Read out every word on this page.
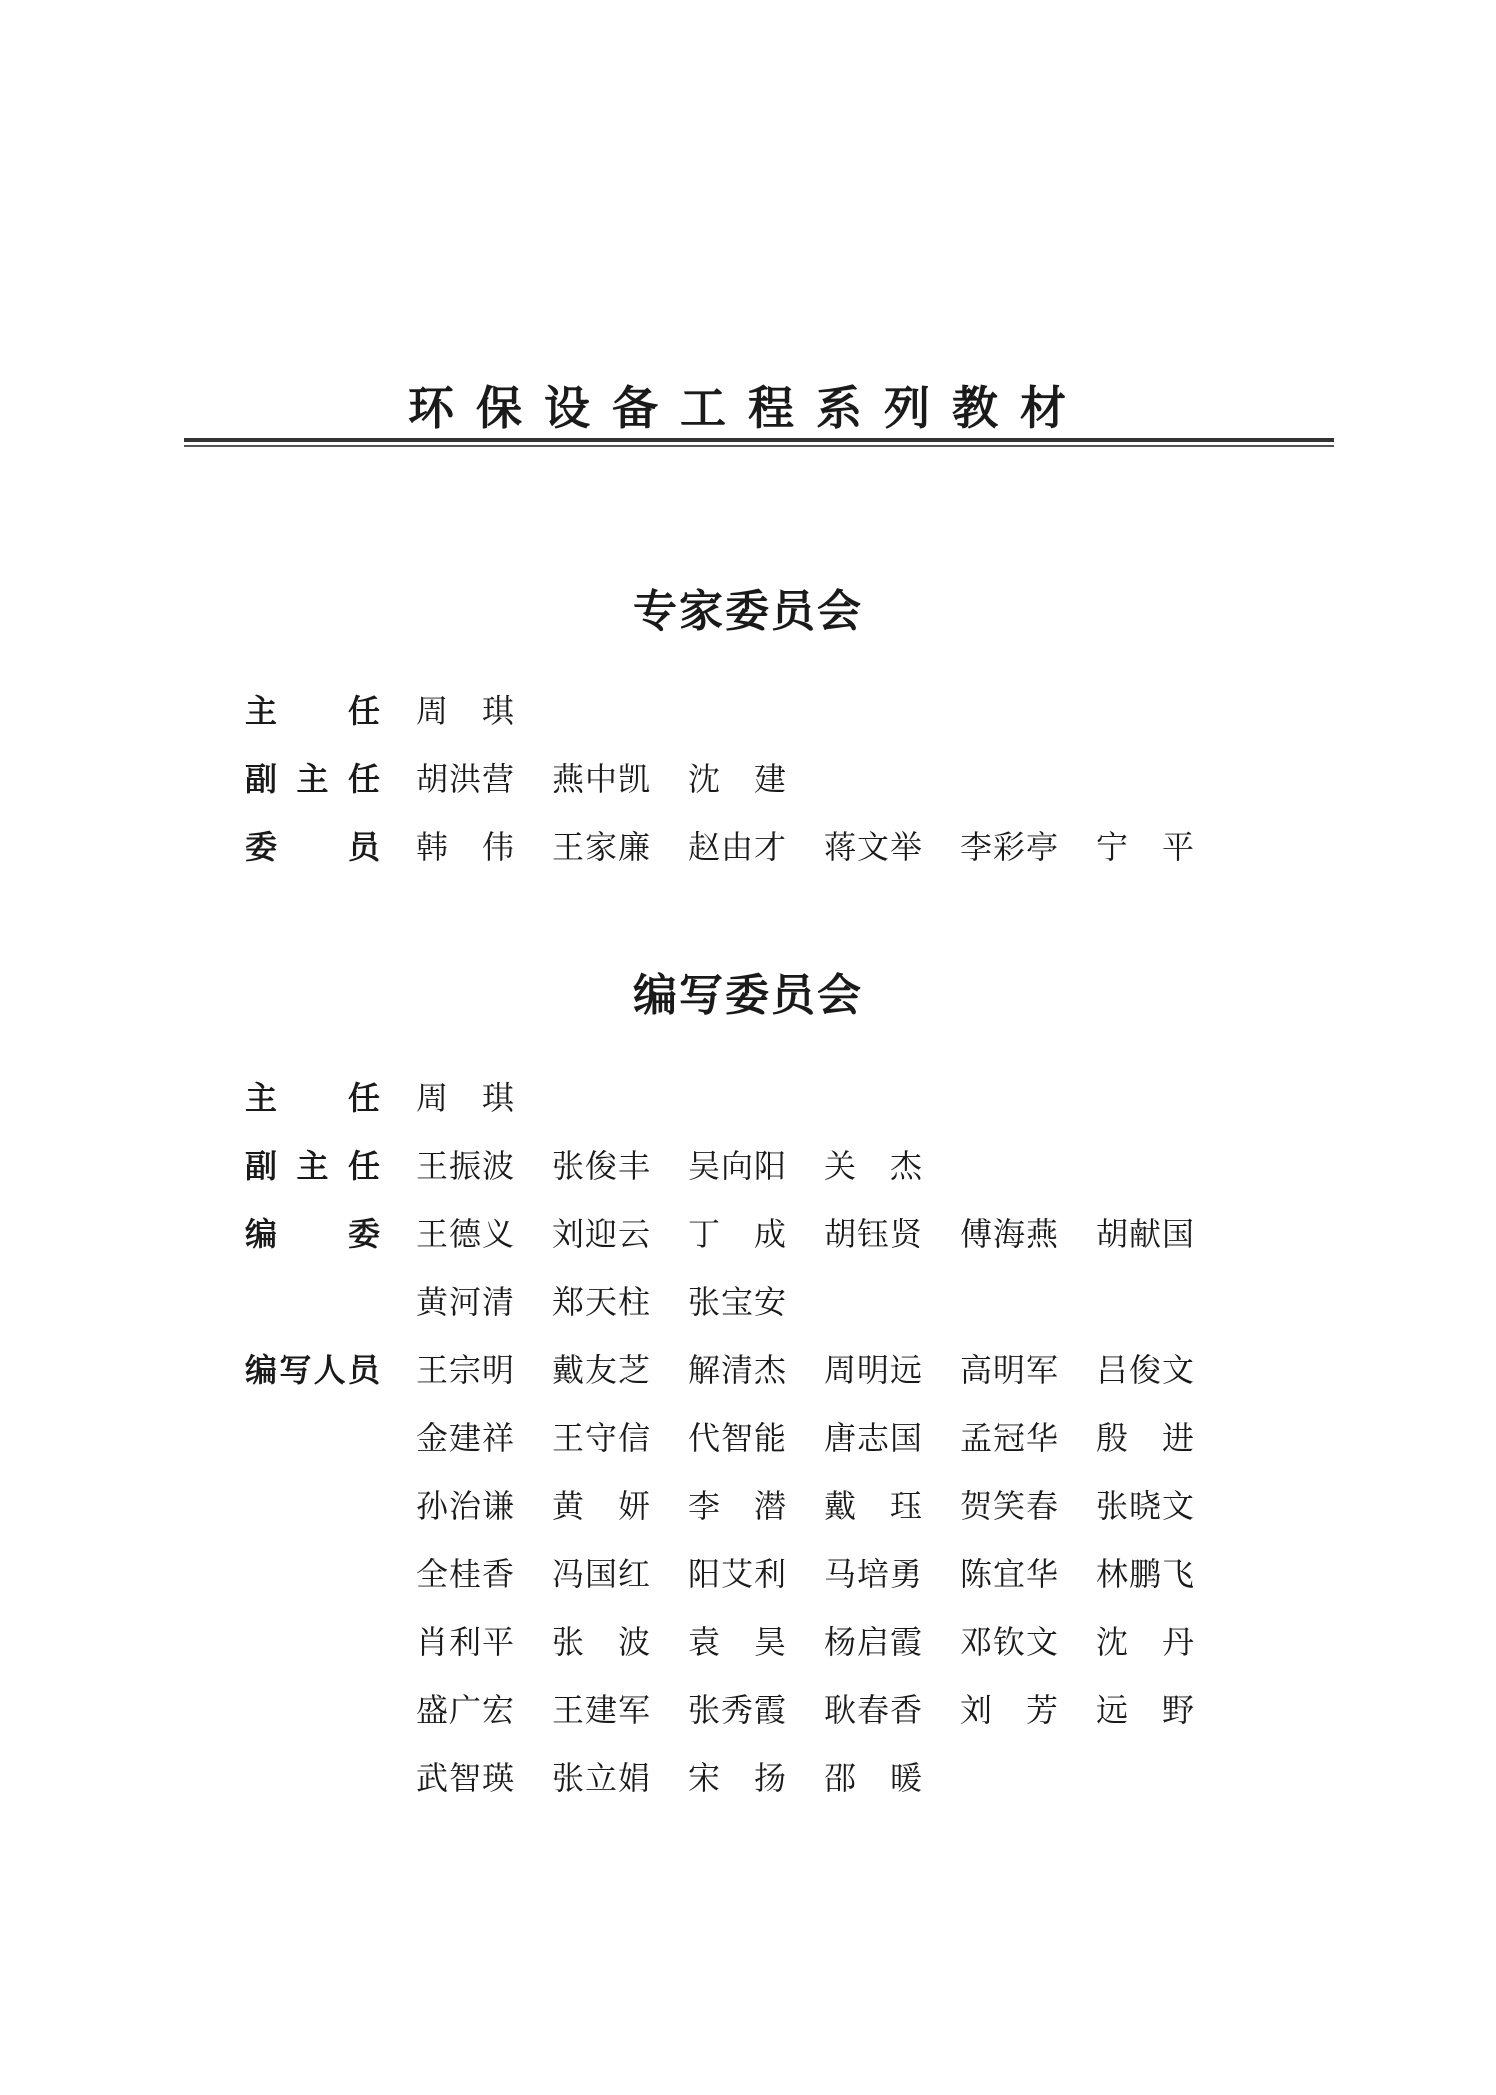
环保设备工程系列教材
专家委员会
主任 周琪
副主任 胡洪营 燕中凯 沈建
委员 韩伟 王家廉 赵由才 蒋文举 李彩亭 宁平
编写委员会
主任 周琪
副主任 王振波 张俊丰 吴向阳 关杰
编委 王德义 刘迎云 丁成 胡钰贤 傅海燕 胡献国
黄河清 郑天柱 张宝安
编写人员 王宗明 戴友芝 解清杰 周明远 高明军 吕俊文
金建祥 王守信 代智能 唐志国 孟冠华 殷进
孙治谦 黄妍 李潜 戴珏 贺笑春 张晓文
全桂香 冯国红 阳艾利 马培勇 陈宜华 林鹏飞
肖利平 张波 袁昊 杨启霞 邓钦文 沈丹
盛广宏 王建军 张秀霞 耿春香 刘芳 远野
武智瑛 张立娟 宋扬 邵暖
